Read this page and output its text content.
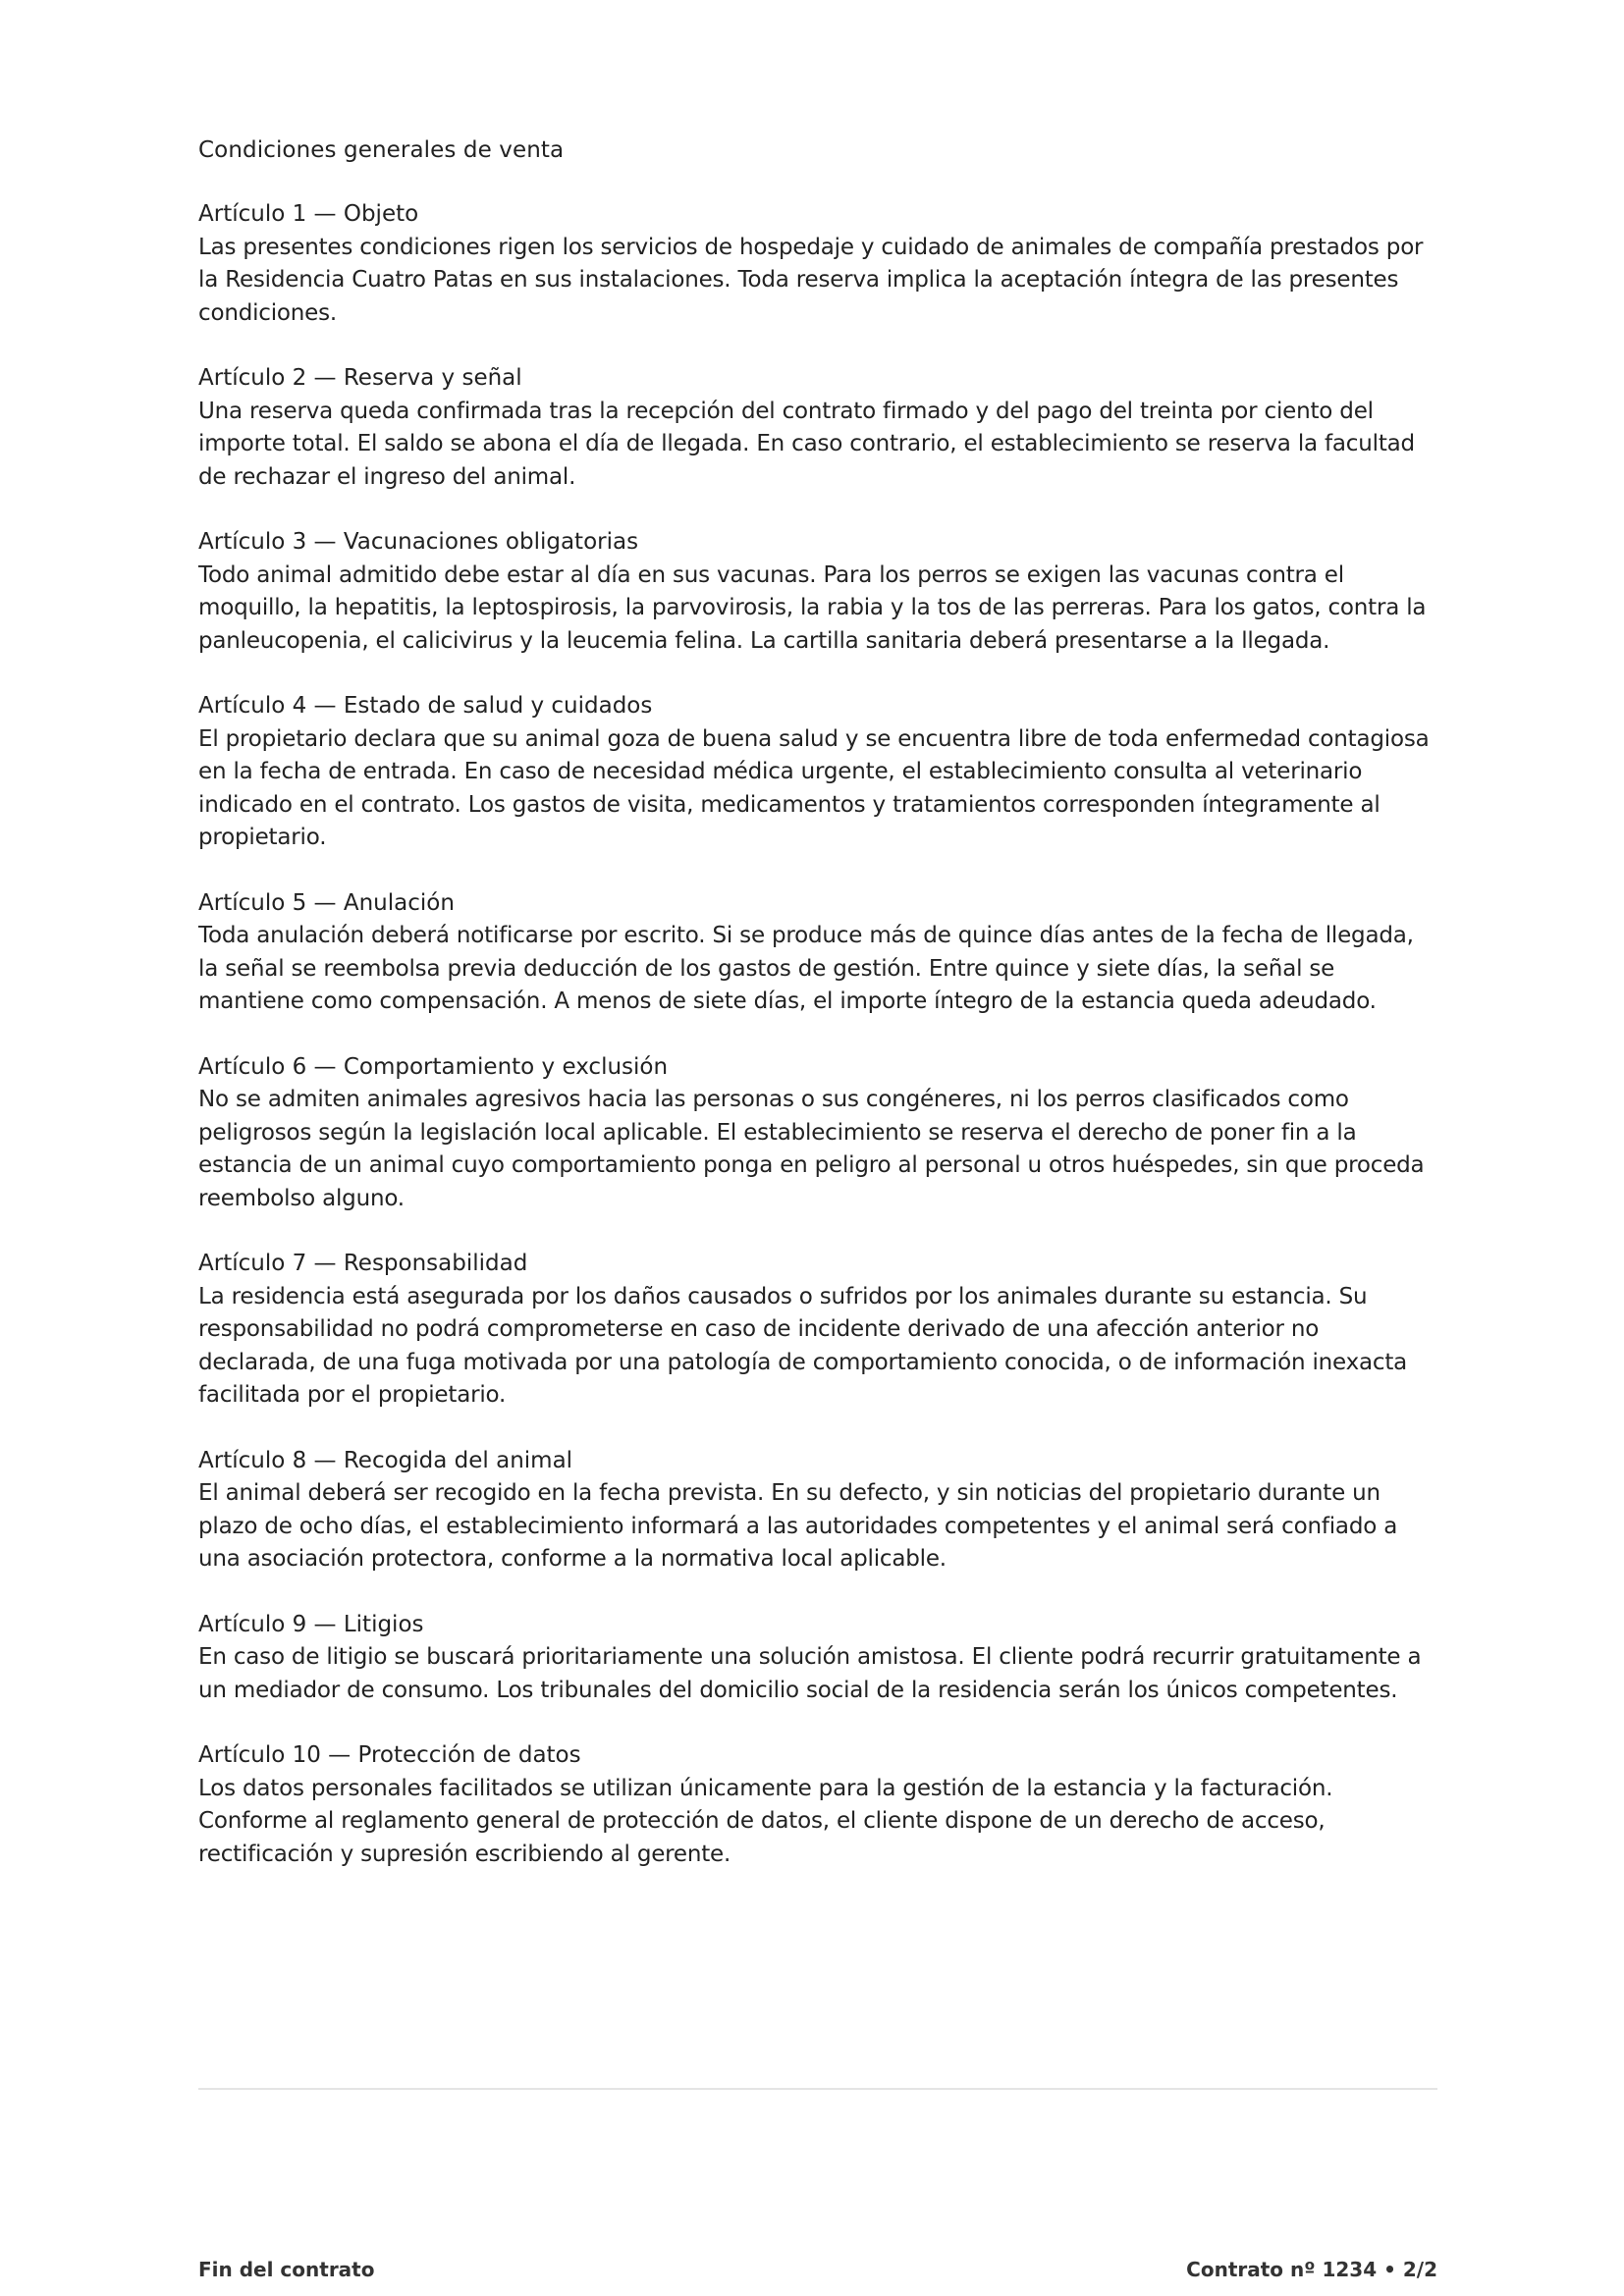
Condiciones generales de venta
Artículo 1 — Objeto

Las presentes condiciones rigen los servicios de hospedaje y cuidado de animales de compañía prestados por la Residencia Cuatro Patas en sus instalaciones. Toda reserva implica la aceptación íntegra de las presentes condiciones.

Artículo 2 — Reserva y señal

Una reserva queda confirmada tras la recepción del contrato firmado y del pago del treinta por ciento del importe total. El saldo se abona el día de llegada. En caso contrario, el establecimiento se reserva la facultad de rechazar el ingreso del animal.

Artículo 3 — Vacunaciones obligatorias

Todo animal admitido debe estar al día en sus vacunas. Para los perros se exigen las vacunas contra el moquillo, la hepatitis, la leptospirosis, la parvovirosis, la rabia y la tos de las perreras. Para los gatos, contra la panleucopenia, el calicivirus y la leucemia felina. La cartilla sanitaria deberá presentarse a la llegada.

Artículo 4 — Estado de salud y cuidados

El propietario declara que su animal goza de buena salud y se encuentra libre de toda enfermedad contagiosa en la fecha de entrada. En caso de necesidad médica urgente, el establecimiento consulta al veterinario indicado en el contrato. Los gastos de visita, medicamentos y tratamientos corresponden íntegramente al propietario.

Artículo 5 — Anulación

Toda anulación deberá notificarse por escrito. Si se produce más de quince días antes de la fecha de llegada, la señal se reembolsa previa deducción de los gastos de gestión. Entre quince y siete días, la señal se mantiene como compensación. A menos de siete días, el importe íntegro de la estancia queda adeudado.

Artículo 6 — Comportamiento y exclusión

No se admiten animales agresivos hacia las personas o sus congéneres, ni los perros clasificados como peligrosos según la legislación local aplicable. El establecimiento se reserva el derecho de poner fin a la estancia de un animal cuyo comportamiento ponga en peligro al personal u otros huéspedes, sin que proceda reembolso alguno.

Artículo 7 — Responsabilidad

La residencia está asegurada por los daños causados o sufridos por los animales durante su estancia. Su responsabilidad no podrá comprometerse en caso de incidente derivado de una afección anterior no declarada, de una fuga motivada por una patología de comportamiento conocida, o de información inexacta facilitada por el propietario.

Artículo 8 — Recogida del animal

El animal deberá ser recogido en la fecha prevista. En su defecto, y sin noticias del propietario durante un plazo de ocho días, el establecimiento informará a las autoridades competentes y el animal será confiado a una asociación protectora, conforme a la normativa local aplicable.

Artículo 9 — Litigios

En caso de litigio se buscará prioritariamente una solución amistosa. El cliente podrá recurrir gratuitamente a un mediador de consumo. Los tribunales del domicilio social de la residencia serán los únicos competentes.

Artículo 10 — Protección de datos

Los datos personales facilitados se utilizan únicamente para la gestión de la estancia y la facturación. Conforme al reglamento general de protección de datos, el cliente dispone de un derecho de acceso, rectificación y supresión escribiendo al gerente.

Fin del contrato	Contrato nº 1234 • 2/2
